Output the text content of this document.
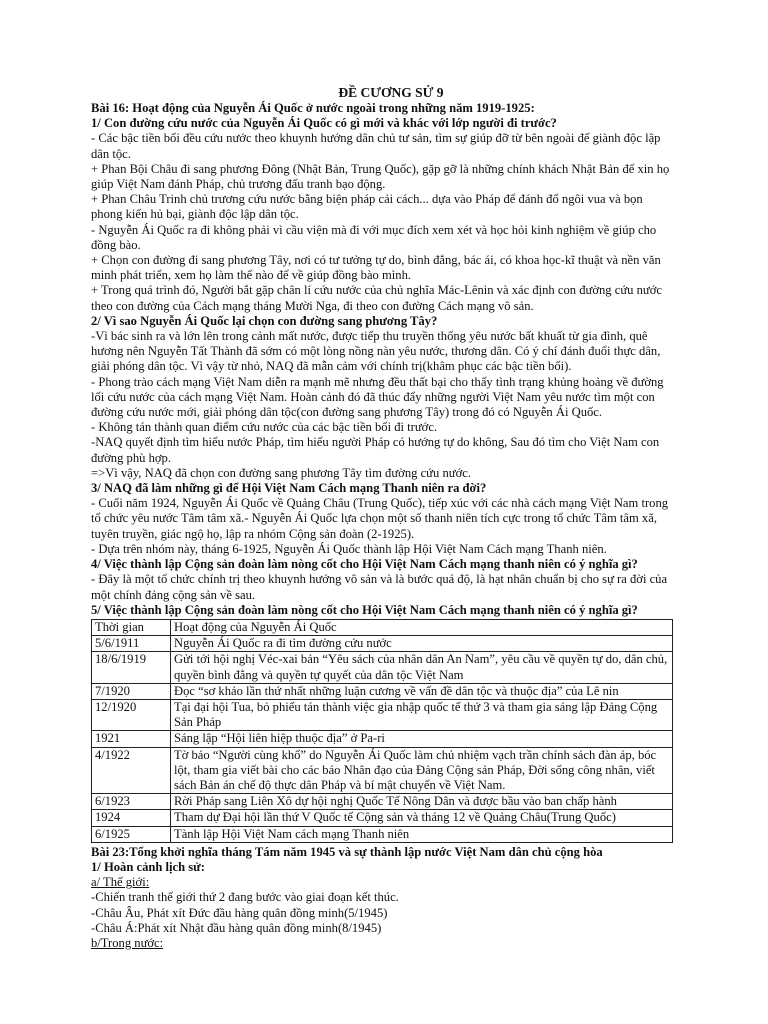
ĐỀ CƯƠNG SỬ 9
Bài 16: Hoạt động của Nguyễn Ái Quốc ở nước ngoài trong những năm 1919-1925:
1/ Con đường cứu nước của Nguyễn Ái Quốc có gì mới và khác với lớp người đi trước?

- Các bậc tiền bối đều cứu nước theo khuynh hướng dân chủ tư sản, tìm sự giúp đỡ từ bên ngoài để giành độc lập dân tộc.

+ Phan Bội Châu đi sang phương Đông (Nhật Bản, Trung Quốc), gặp gỡ là những chính khách Nhật Bản để xin họ giúp Việt Nam đánh Pháp, chủ trương đấu tranh bạo động.

+ Phan Châu Trinh chủ trương cứu nước bằng biện pháp cải cách... dựa vào Pháp để đánh đổ ngôi vua và bọn phong kiến hủ bại, giành độc lập dân tộc.

- Nguyễn Ái Quốc ra đi không phải vì cầu viện mà đi với mục đích xem xét và học hỏi kinh nghiệm về giúp cho đồng bào.

+ Chọn con đường đi sang phương Tây, nơi có tư tưởng tự do, bình đẳng, bác ái, có khoa học-kĩ thuật và nền văn minh phát triển, xem họ làm thế nào để về giúp đồng bào mình.

+ Trong quá trình đó, Người bắt gặp chân lí cứu nước của chủ nghĩa Mác-Lênin và xác định con đường cứu nước theo con đường của Cách mạng tháng Mười Nga, đi theo con đường Cách mạng vô sản.

2/ Vì sao Nguyễn Ái Quốc lại chọn con đường sang phương Tây?

-Vì bác sinh ra và lớn lên trong cảnh mất nước, được tiếp thu truyền thống yêu nước bất khuất từ gia đình, quê hương nên Nguyễn Tất Thành đã sớm có một lòng nồng nàn yêu nước, thương dân. Có ý chí đánh đuổi thực dân, giải phóng dân tộc. Vì vậy từ nhỏ, NAQ đã mẫn cảm với chính trị(khâm phục các bậc tiền bối).

- Phong trào cách mạng Việt Nam diễn ra mạnh mẽ nhưng đều thất bại cho thấy tình trạng khủng hoảng về đường lối cứu nước của cách mạng Việt Nam. Hoàn cảnh đó đã thúc đẩy những người Việt Nam yêu nước tìm một con đường cứu nước mới, giải phóng dân tộc(con đường sang phương Tây) trong đó có Nguyễn Ái Quốc.

- Không tán thành quan điểm cứu nước của các bậc tiền bối đi trước.

-NAQ quyết định tìm hiểu nước Pháp, tìm hiểu người Pháp có hướng tự do không, Sau đó tìm cho Việt Nam con đường phù hợp.

=>Vì vậy, NAQ đã chọn con đường sang phương Tây tìm đường cứu nước.

3/ NAQ đã làm những gì để Hội Việt Nam Cách mạng Thanh niên ra đời?

- Cuối năm 1924, Nguyễn Ái Quốc về Quảng Châu (Trung Quốc), tiếp xúc với các nhà cách mạng Việt Nam trong tổ chức yêu nước Tâm tâm xã.- Nguyễn Ái Quốc lựa chọn một số thanh niên tích cực trong tổ chức Tâm tâm xã, tuyên truyền, giác ngộ họ, lập ra nhóm Cộng sản đoàn (2-1925).

- Dựa trên nhóm này, tháng 6-1925, Nguyễn Ái Quốc thành lập Hội Việt Nam Cách mạng Thanh niên.

4/ Việc thành lập Cộng sản đoàn làm nòng cốt cho Hội Việt Nam Cách mạng thanh niên có ý nghĩa gì?

- Đây là một tổ chức chính trị theo khuynh hướng vô sản và là bước quá độ, là hạt nhân chuẩn bị cho sự ra đời của một chính đảng cộng sản về sau.

5/ Việc thành lập Cộng sản đoàn làm nòng cốt cho Hội Việt Nam Cách mạng thanh niên có ý nghĩa gì?
Thời gian	Hoạt động của Nguyễn Ái Quốc
5/6/1911	Nguyễn Ái Quốc ra đi tìm đường cứu nước
18/6/1919	Gửi tới hội nghị Véc-xai bản “Yêu sách của nhân dân An Nam”, yêu cầu về quyền tự do, dân chủ, quyền bình đẳng và quyền tự quyết của dân tộc Việt Nam
7/1920	Đọc “sơ khảo lần thứ nhất những luận cương về vấn đề dân tộc và thuộc địa” của Lê nin
12/1920	Tại đại hội Tua, bỏ phiếu tán thành việc gia nhập quốc tế thứ 3 và tham gia sáng lập Đảng Cộng Sản Pháp
1921	Sáng lập “Hội liên hiệp thuộc địa” ở Pa-ri
4/1922	Tờ báo “Người cùng khổ” do Nguyễn Ái Quốc làm chủ nhiệm vạch trần chính sách đàn áp, bóc lột, tham gia viết bài cho các báo Nhân đạo của Đảng Cộng sản Pháp, Đời sống công nhân, viết sách Bản án chế độ thực dân Pháp và bí mật chuyển về Việt Nam.
6/1923	Rời Pháp sang Liên Xô dự hội nghị Quốc Tế Nông Dân và được bầu vào ban chấp hành
1924	Tham dự Đại hội lần thứ V Quốc tế Cộng sản và tháng 12 về Quảng Châu(Trung Quốc)
6/1925	Tành lập Hội Việt Nam cách mạng Thanh niên
Bài 23:Tổng khởi nghĩa tháng Tám năm 1945 và sự thành lập nước Việt Nam dân chủ cộng hòa
1/ Hoàn cảnh lịch sử:

a/ Thế giới:

-Chiến tranh thế giới thứ 2 đang bước vào giai đoạn kết thúc.

-Châu Âu, Phát xít Đức đầu hàng quân đồng minh(5/1945)

-Châu Á:Phát xít Nhật đầu hàng quân đồng minh(8/1945)

b/Trong nước:
